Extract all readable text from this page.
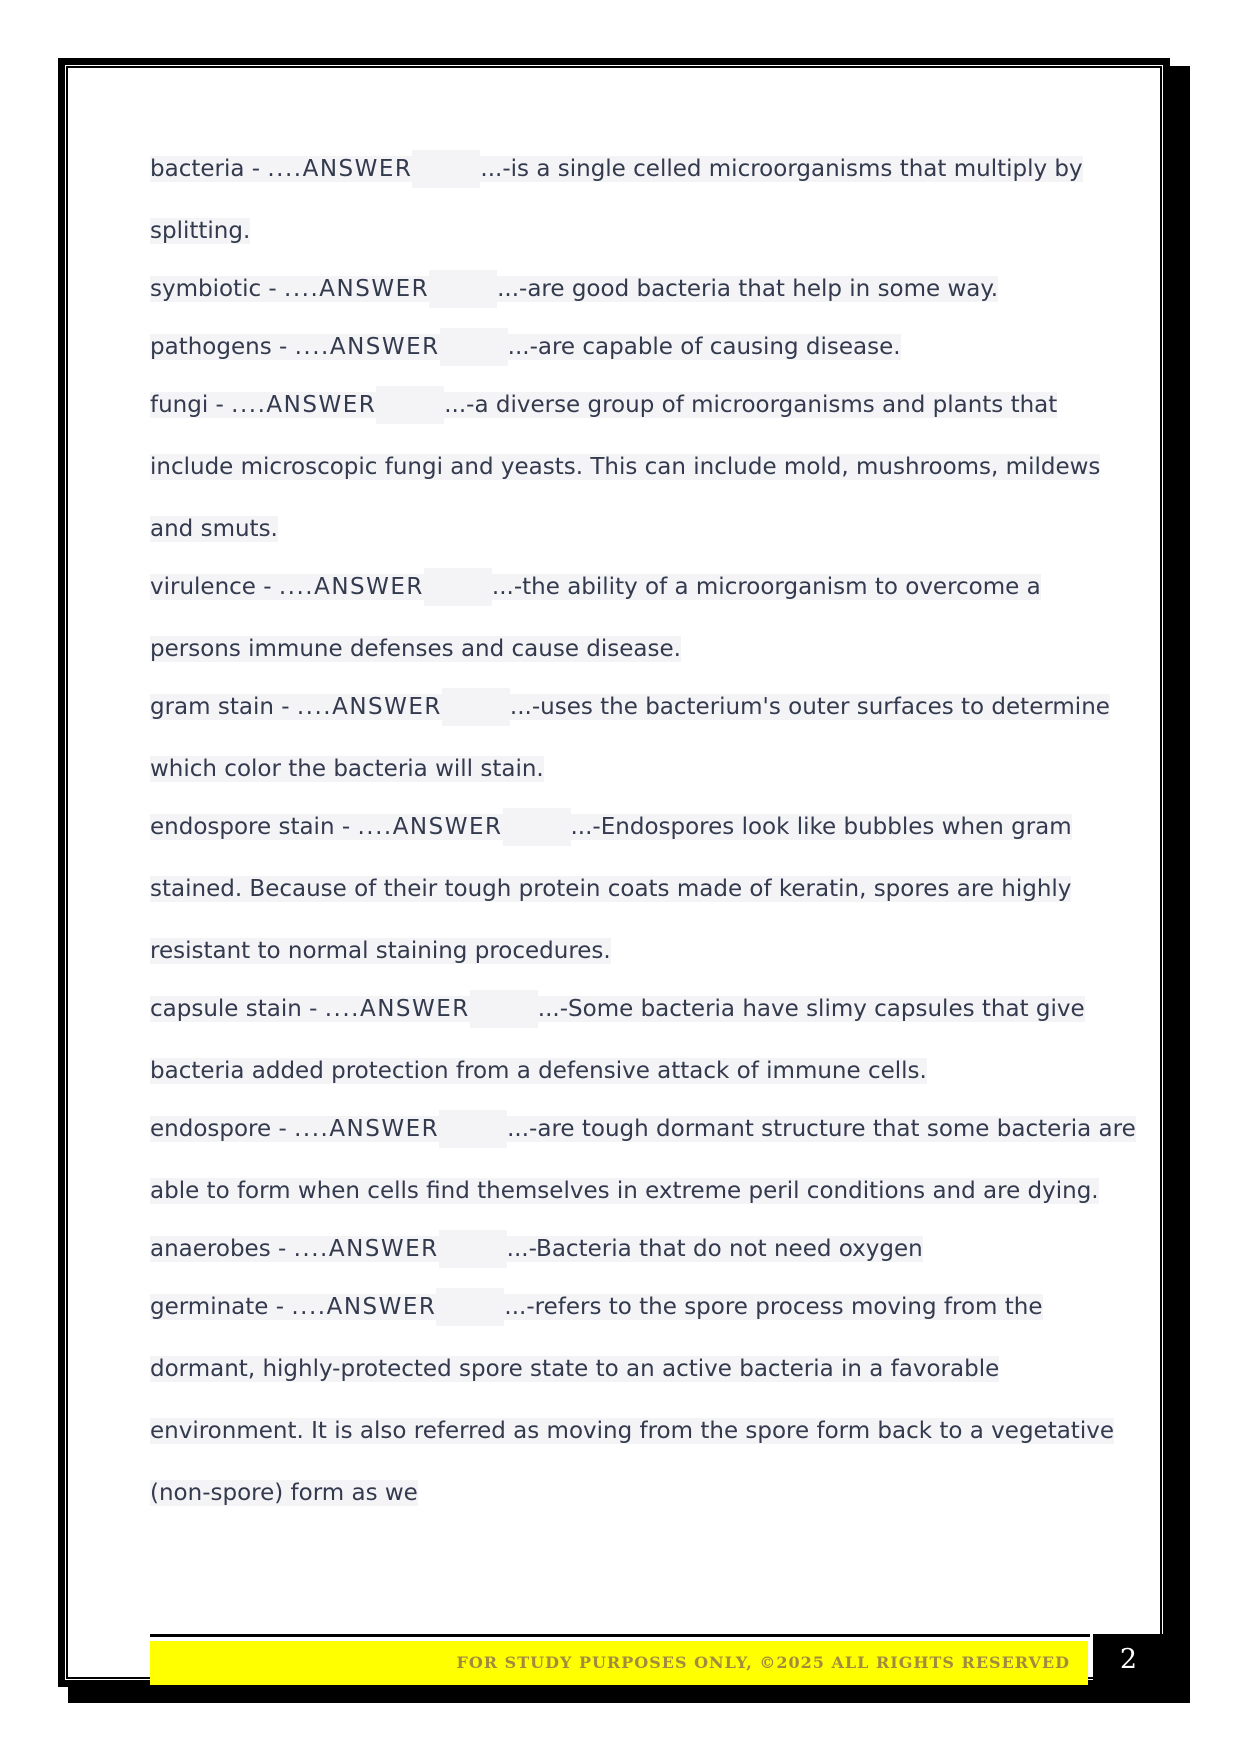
bacteria - ....ANSWER	...-is a single celled microorganisms that multiply by
splitting.
symbiotic - ....ANSWER	...-are good bacteria that help in some way.
pathogens - ....ANSWER	...-are capable of causing disease.
fungi - ....ANSWER	...-a diverse group of microorganisms and plants that
include microscopic fungi and yeasts. This can include mold, mushrooms, mildews
and smuts.
virulence - ....ANSWER	...-the ability of a microorganism to overcome a
persons immune defenses and cause disease.
gram stain - ....ANSWER	...-uses the bacterium's outer surfaces to determine
which color the bacteria will stain.
endospore stain - ....ANSWER	...-Endospores look like bubbles when gram
stained. Because of their tough protein coats made of keratin, spores are highly
resistant to normal staining procedures.
capsule stain - ....ANSWER	...-Some bacteria have slimy capsules that give
bacteria added protection from a defensive attack of immune cells.
endospore - ....ANSWER	...-are tough dormant structure that some bacteria are
able to form when cells find themselves in extreme peril conditions and are dying.
anaerobes - ....ANSWER	...-Bacteria that do not need oxygen
germinate - ....ANSWER	...-refers to the spore process moving from the
dormant, highly-protected spore state to an active bacteria in a favorable
environment. It is also referred as moving from the spore form back to a vegetative
(non-spore) form as we
FOR STUDY PURPOSES ONLY, ©2025 ALL RIGHTS RESERVED	2
